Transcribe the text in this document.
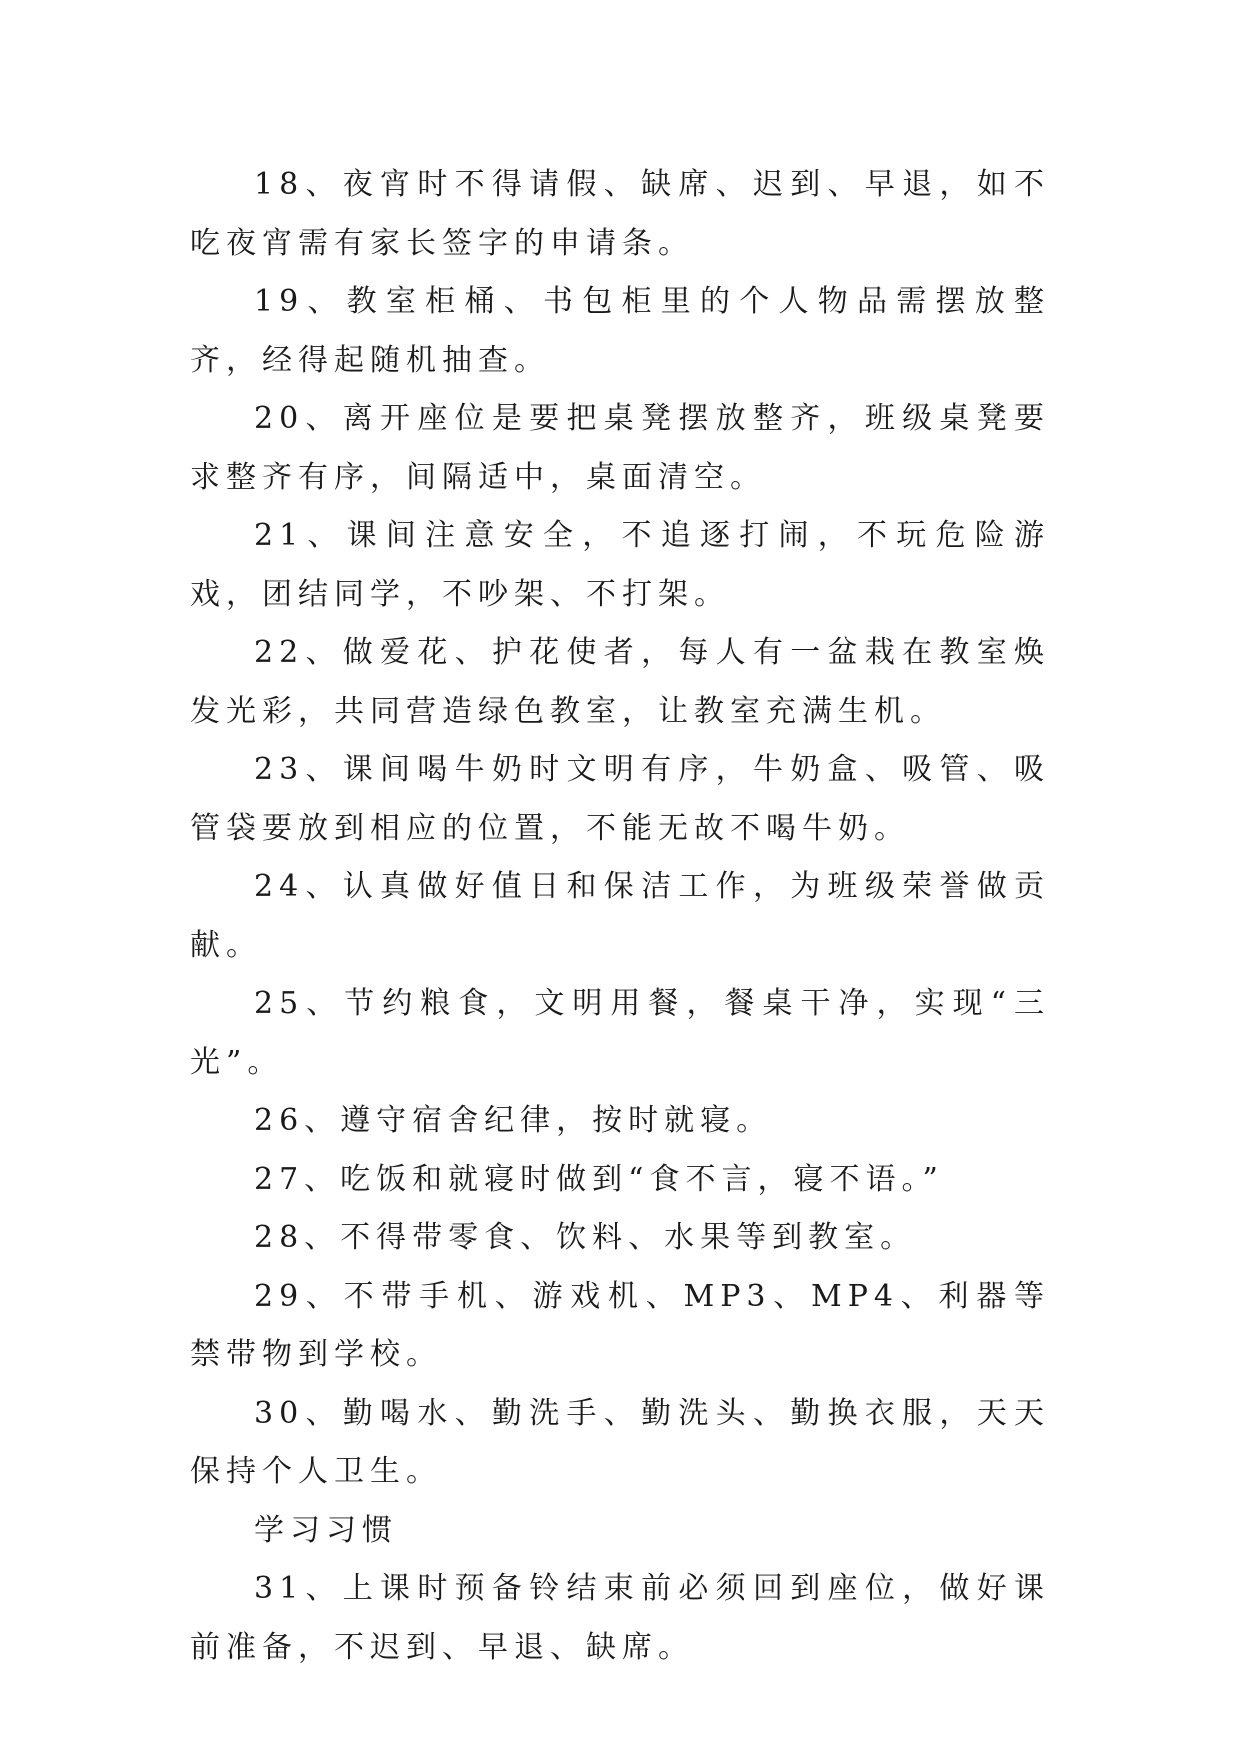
18、夜宵时不得请假、缺席、迟到、早退，如不吃夜宵需有家长签字的申请条。

19、教室柜桶、书包柜里的个人物品需摆放整齐，经得起随机抽查。

20、离开座位是要把桌凳摆放整齐，班级桌凳要求整齐有序，间隔适中，桌面清空。

21、课间注意安全，不追逐打闹，不玩危险游戏，团结同学，不吵架、不打架。

22、做爱花、护花使者，每人有一盆栽在教室焕发光彩，共同营造绿色教室，让教室充满生机。

23、课间喝牛奶时文明有序，牛奶盒、吸管、吸管袋要放到相应的位置，不能无故不喝牛奶。

24、认真做好值日和保洁工作，为班级荣誉做贡献。

25、节约粮食，文明用餐，餐桌干净，实现“三光”。

26、遵守宿舍纪律，按时就寝。

27、吃饭和就寝时做到“食不言，寝不语。”

28、不得带零食、饮料、水果等到教室。

29、不带手机、游戏机、MP3、MP4、利器等禁带物到学校。

30、勤喝水、勤洗手、勤洗头、勤换衣服，天天保持个人卫生。

学习习惯

31、上课时预备铃结束前必须回到座位，做好课前准备，不迟到、早退、缺席。
